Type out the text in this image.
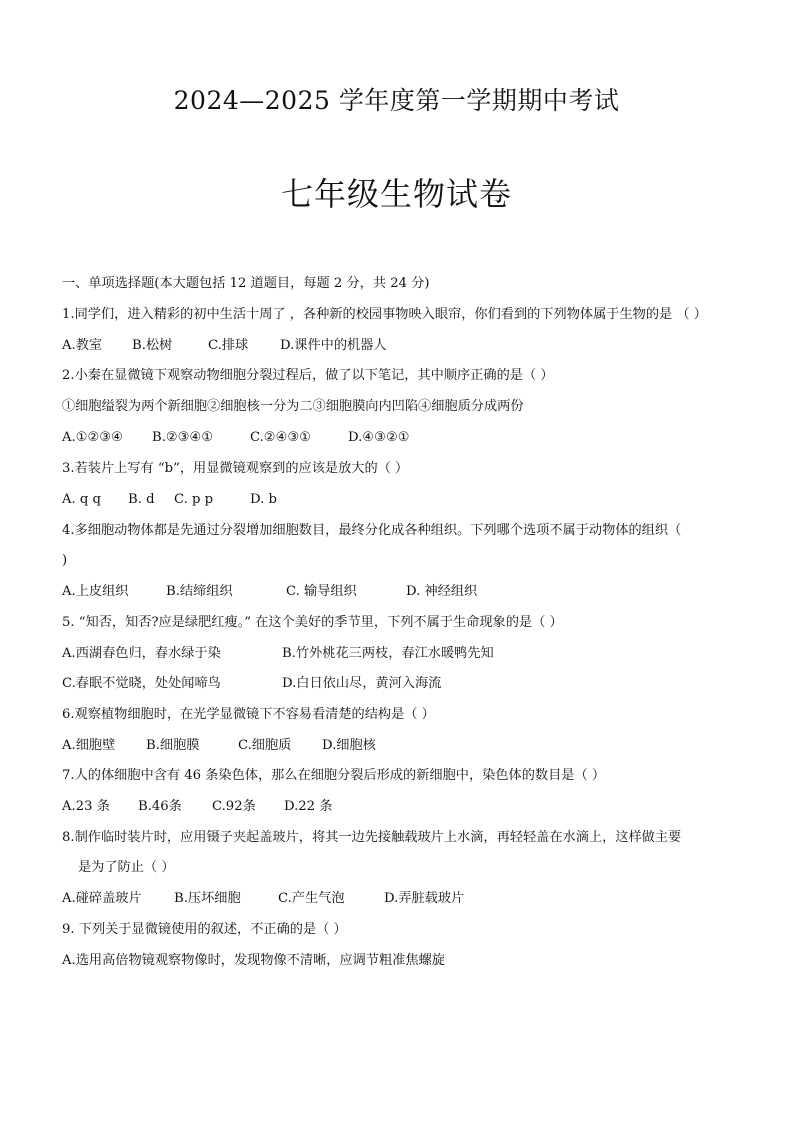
2024—2025 学年度第一学期期中考试
七年级生物试卷
一、单项选择题(本大题包括 12 道题目，每题 2 分，共 24 分)
1.同学们，进入精彩的初中生活十周了 ，各种新的校园事物映入眼帘，你们看到的下列物体属于生物的是 （ ）
A.教室 B.松树	C.排球 D.课件中的机器人
2.小秦在显微镜下观察动物细胞分裂过程后，做了以下笔记，其中顺序正确的是（ ）
①细胞缢裂为两个新细胞②细胞核一分为二③细胞膜向内凹陷④细胞质分成两份
A.①②③④ B.②③④①	C.②④③①	D.④③②①
3.若装片上写有 “b”，用显微镜观察到的应该是放大的（ ）
A. q q B. d C. p p	D. b
4.多细胞动物体都是先通过分裂增加细胞数目，最终分化成各种组织。下列哪个选项不属于动物体的组织（
)
A.上皮组织	B.结缔组织	C. 输导组织	D. 神经组织
5. “知否，知否?应是绿肥红瘦。” 在这个美好的季节里，下列不属于生命现象的是（ ）
A.西湖春色归，春水绿于染	B.竹外桃花三两枝，春江水暖鸭先知
C.春眠不觉晓，处处闻啼鸟	D.白日依山尽，黄河入海流
6.观察植物细胞时，在光学显微镜下不容易看清楚的结构是（ ）
A.细胞壁 B.细胞膜	C.细胞质 D.细胞核
7.人的体细胞中含有 46 条染色体，那么在细胞分裂后形成的新细胞中，染色体的数目是（ ）
A.23 条 B.46条 C.92条 D.22 条
8.制作临时装片时，应用镊子夹起盖玻片，将其一边先接触载玻片上水滴，再轻轻盖在水滴上，这样做主要
是为了防止（ ）
A.碰碎盖玻片 B.压坏细胞	C.产生气泡	D.弄脏载玻片
9. 下列关于显微镜使用的叙述，不正确的是（ ）
A.选用高倍物镜观察物像时，发现物像不清晰，应调节粗准焦螺旋
